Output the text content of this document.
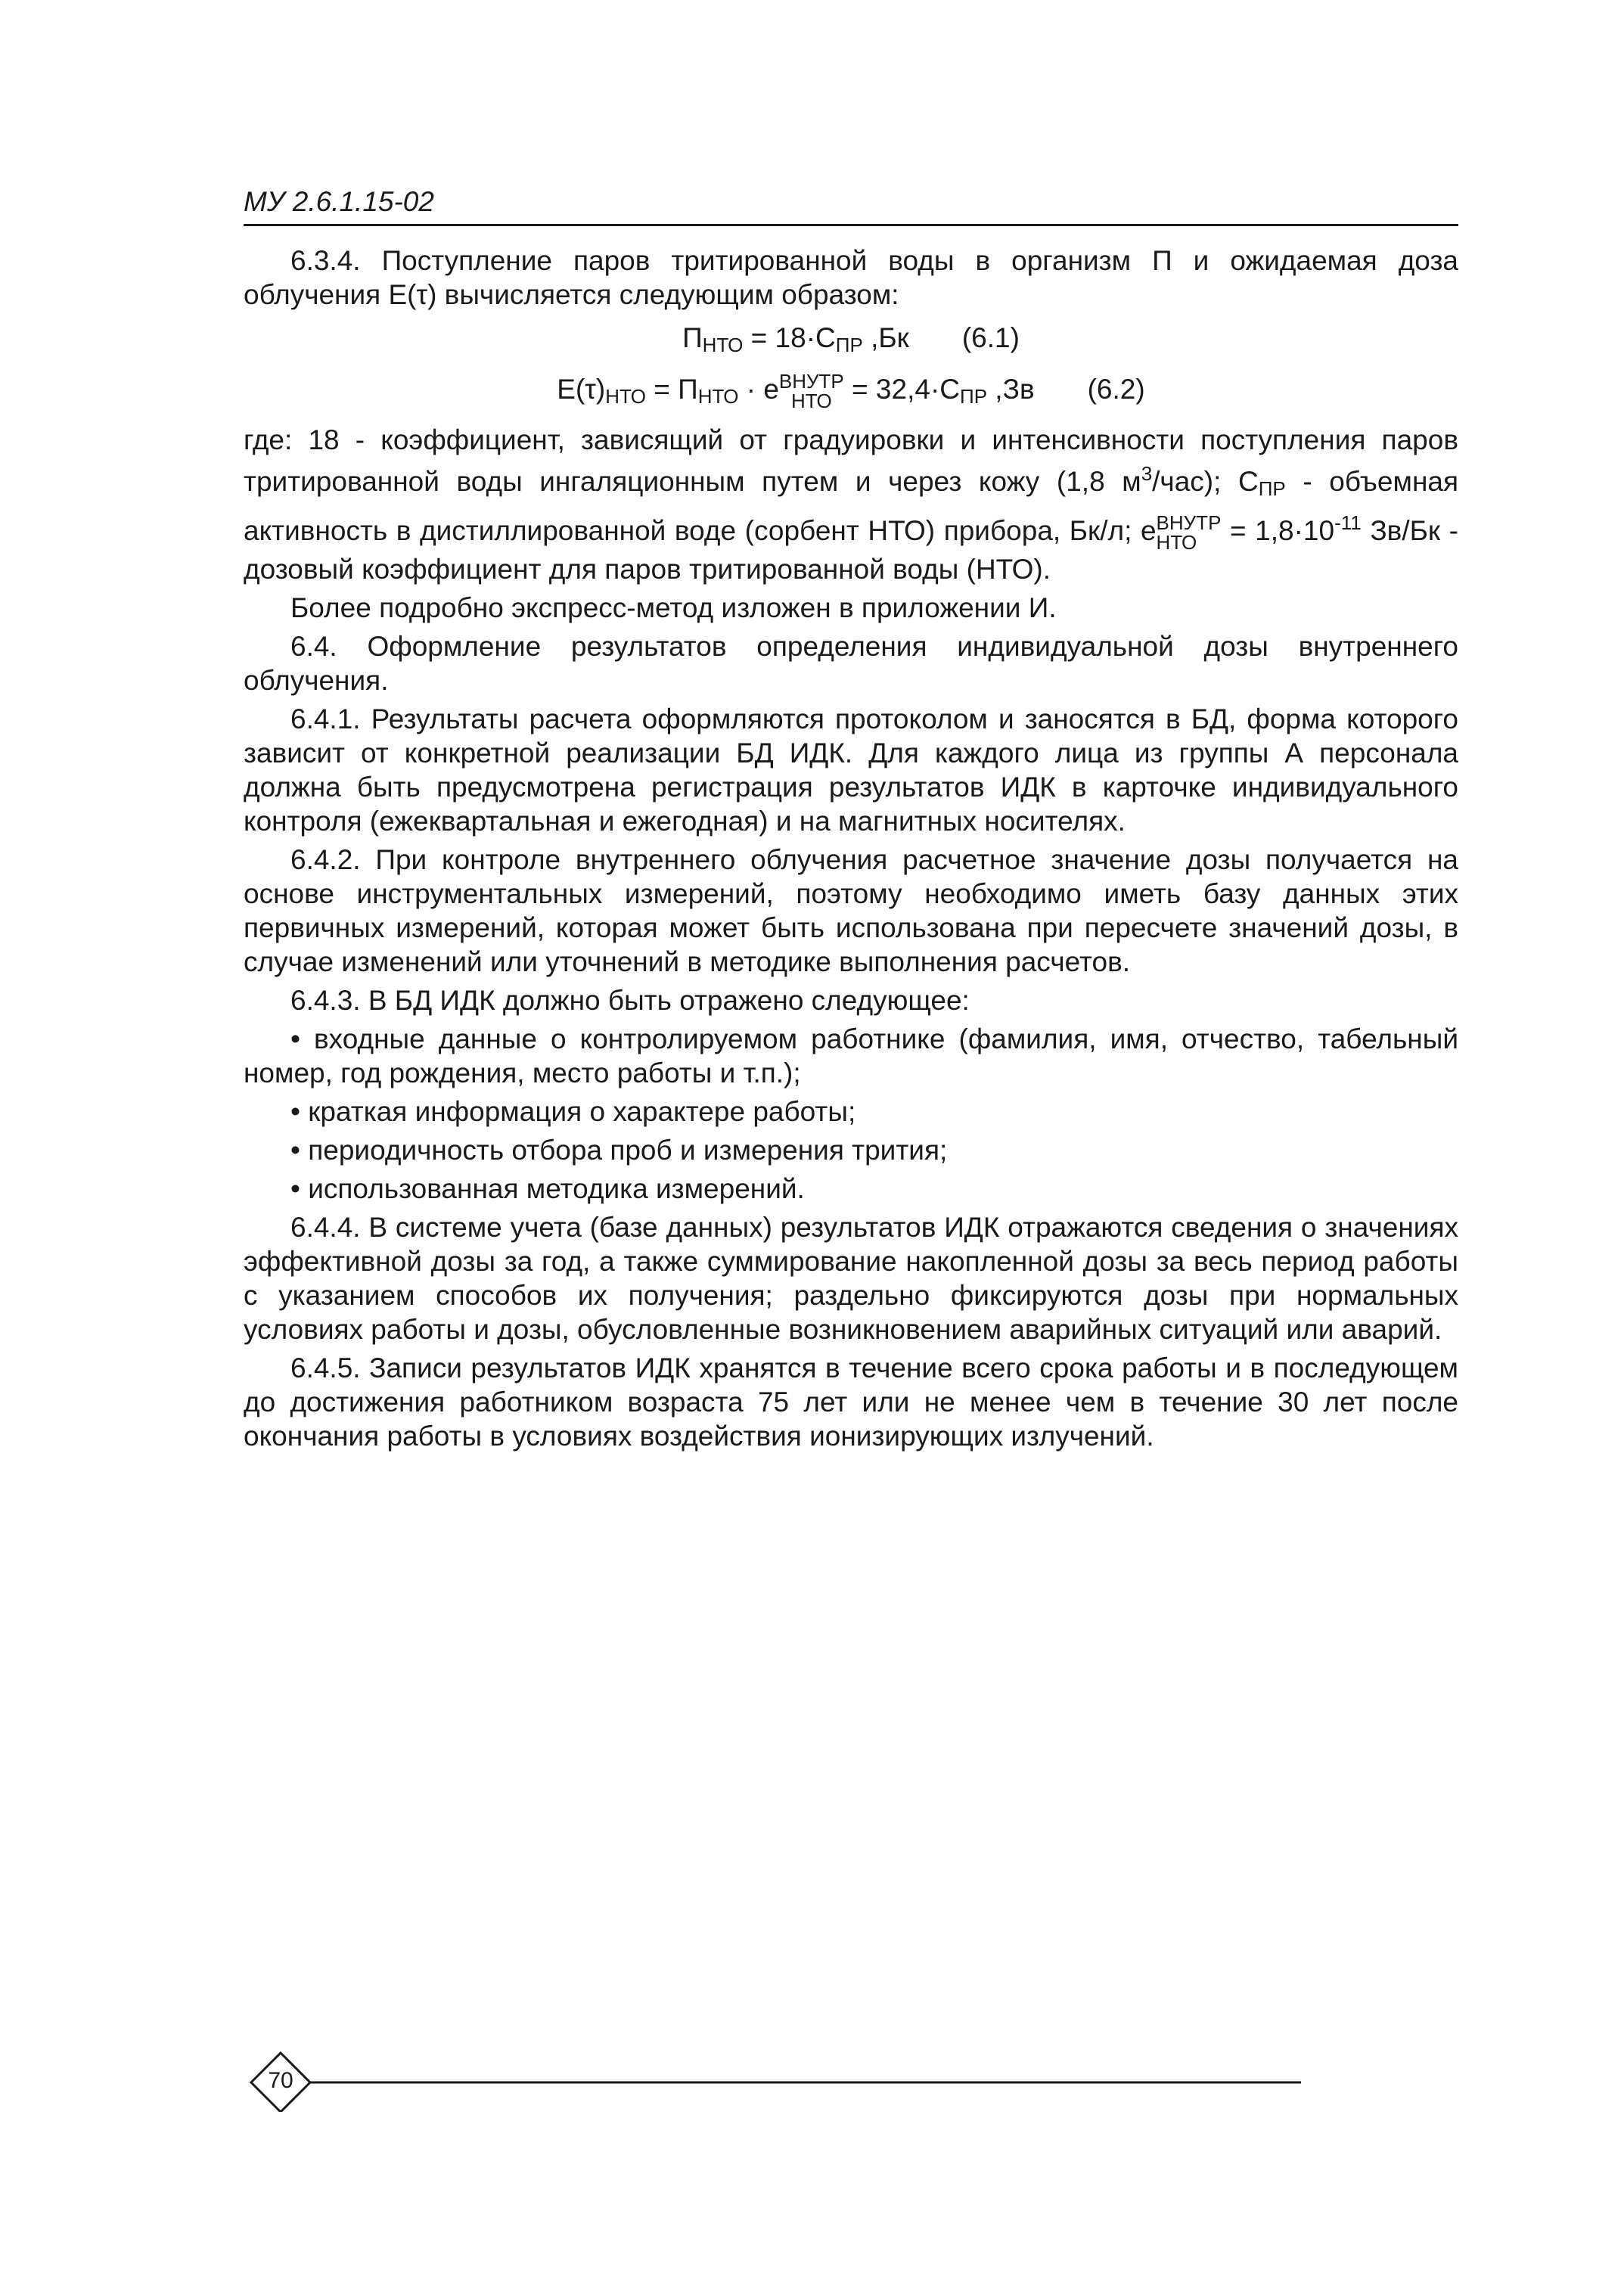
МУ 2.6.1.15-02

6.3.4. Поступление паров тритированной воды в организм П и ожидаемая доза облучения Е(τ) вычисляется следующим образом:

$П_{НТО} = 18\cdot С_{ПР}$ ,Бк (6.1)
$Е(\tau)_{НТО} = П_{НТО} \cdot е$ ВНУТР
НТО = $32,4\cdot С_{ПР}$ ,Зв (6.2)

где: 18 - коэффициент, зависящий от градуировки и интенсивности поступления паров тритированной воды ингаляционным путем и через кожу (1,8 $м^3/час$); $С_{ПР}$ - объемная активность в дистиллированной воде (сорбент НТО) прибора, Бк/л; е ВНУТР
НТО = $1,8\cdot 10^{-11}$ Зв/Бк - дозовый коэффициент для паров тритированной воды (НТО).

Более подробно экспресс-метод изложен в приложении И.

6.4. Оформление результатов определения индивидуальной дозы внутреннего облучения.

6.4.1. Результаты расчета оформляются протоколом и заносятся в БД, форма которого зависит от конкретной реализации БД ИДК. Для каждого лица из группы А персонала должна быть предусмотрена регистрация результатов ИДК в карточке индивидуального контроля (ежеквартальная и ежегодная) и на магнитных носителях.

6.4.2. При контроле внутреннего облучения расчетное значение дозы получается на основе инструментальных измерений, поэтому необходимо иметь базу данных этих первичных измерений, которая может быть использована при пересчете значений дозы, в случае изменений или уточнений в методике выполнения расчетов.

6.4.3. В БД ИДК должно быть отражено следующее:

• входные данные о контролируемом работнике (фамилия, имя, отчество, табельный номер, год рождения, место работы и т.п.);

• краткая информация о характере работы;

• периодичность отбора проб и измерения трития;

• использованная методика измерений.

6.4.4. В системе учета (базе данных) результатов ИДК отражаются сведения о значениях эффективной дозы за год, а также суммирование накопленной дозы за весь период работы с указанием способов их получения; раздельно фиксируются дозы при нормальных условиях работы и дозы, обусловленные возникновением аварийных ситуаций или аварий.

6.4.5. Записи результатов ИДК хранятся в течение всего срока работы и в последующем до достижения работником возраста 75 лет или не менее чем в течение 30 лет после окончания работы в условиях воздействия ионизирующих излучений.

70
